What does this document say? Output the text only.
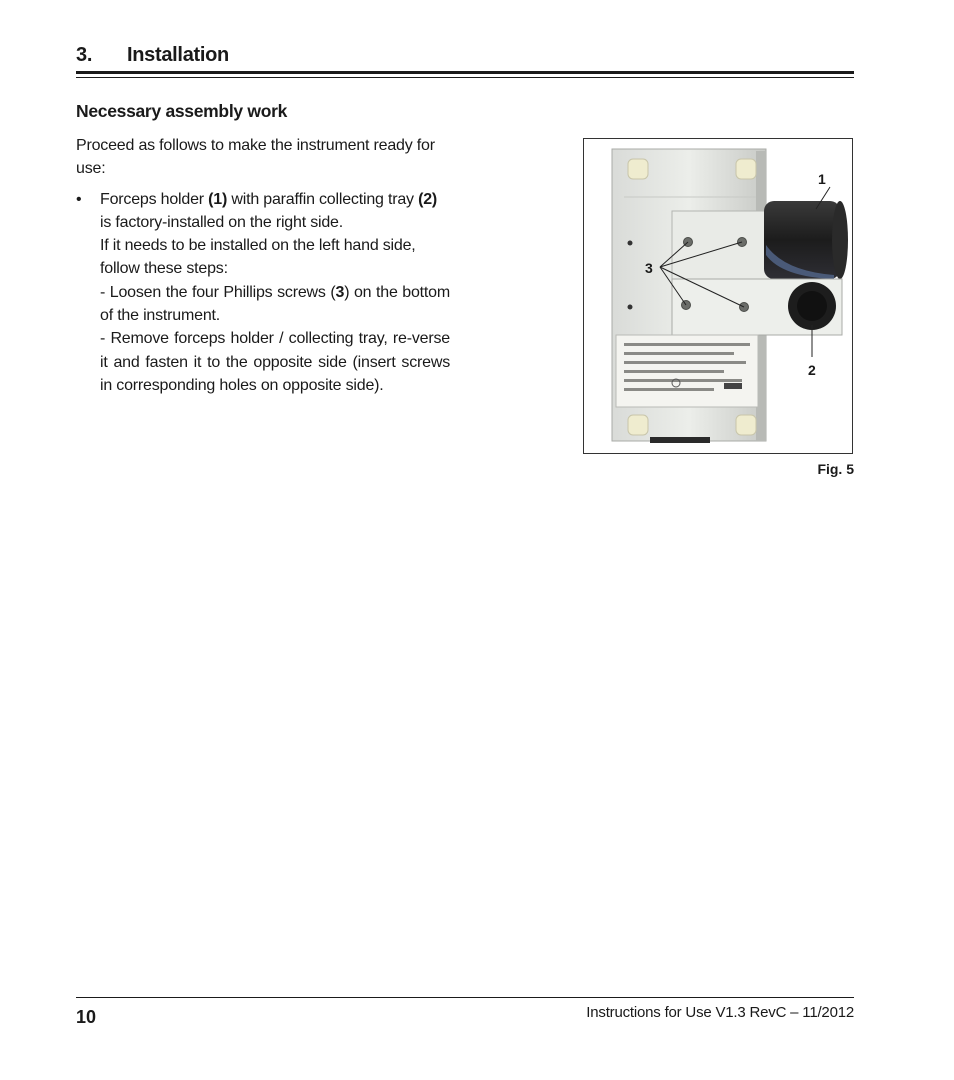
3.	Installation
Necessary assembly work

Proceed as follows to make the instrument ready for use:

•	Forceps holder (1) with paraffin collecting tray (2) is factory-installed on the right side.
If it needs to be installed on the left hand side, follow these steps:
- Loosen the four Phillips screws (3) on the bottom of the instrument.
- Remove forceps holder / collecting tray, re-verse it and fasten it to the opposite side (insert screws in corresponding holes on opposite side).
1
2
3
Fig. 5
10	Instructions for Use V1.3 RevC – 11/2012
